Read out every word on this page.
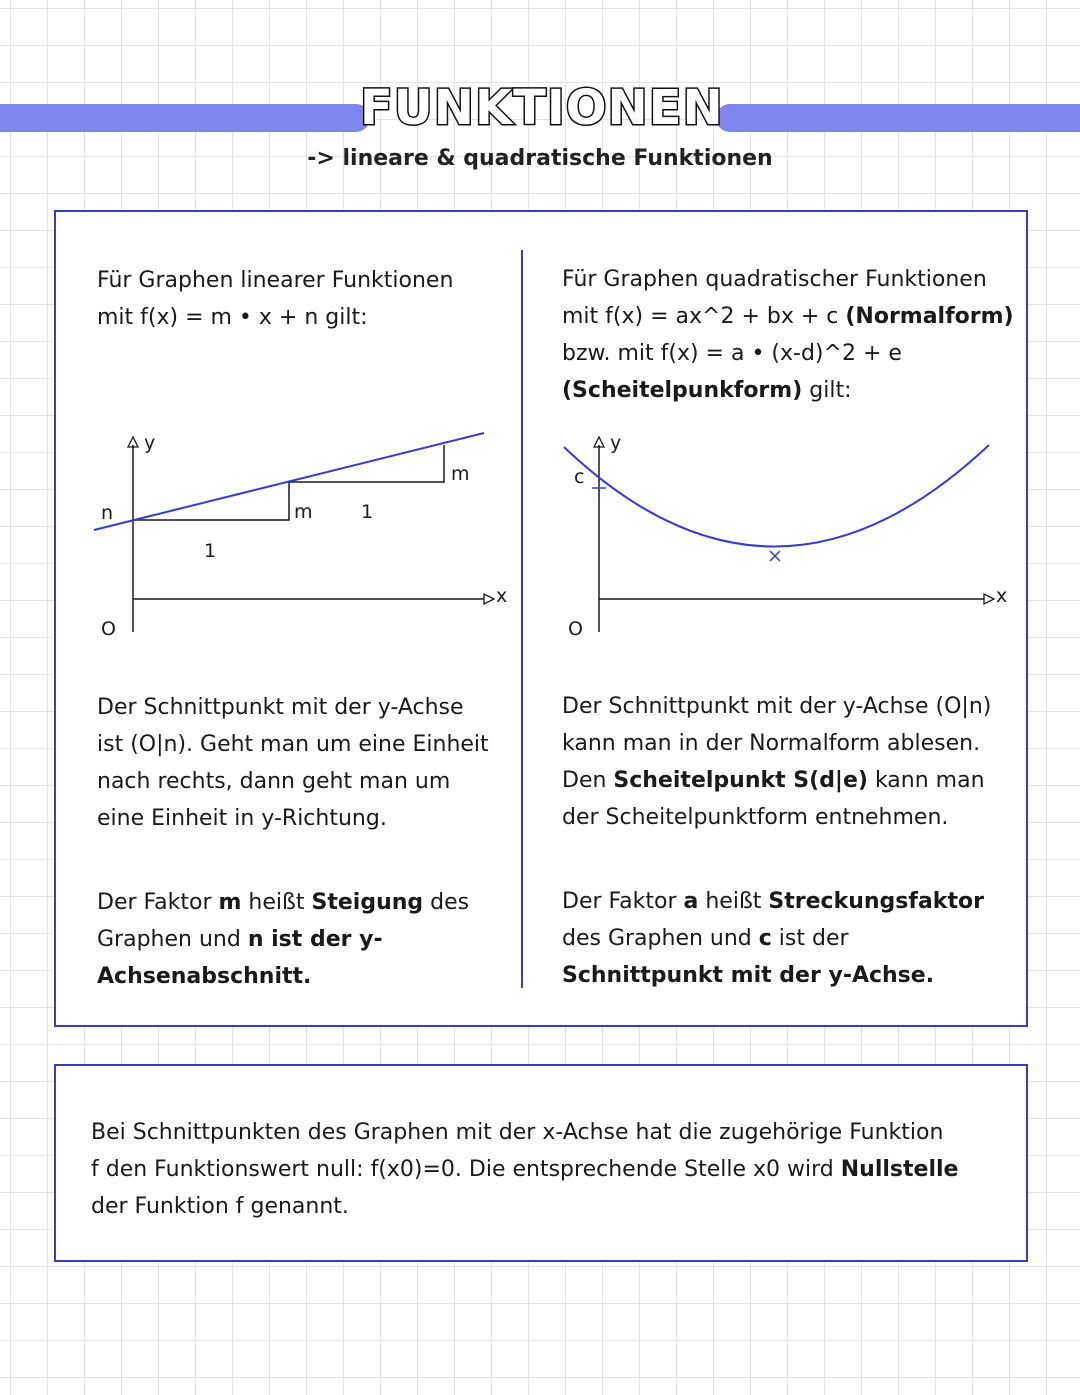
FUNKTIONEN
-> lineare & quadratische Funktionen
Für Graphen linearer Funktionen
mit f(x) = m • x + n gilt:
y
x
O
n
1
m	1
m
Der Schnittpunkt mit der y-Achse
ist (O|n). Geht man um eine Einheit
nach rechts, dann geht man um
eine Einheit in y-Richtung.
Der Faktor m heißt Steigung des
Graphen und n ist der y-
Achsenabschnitt.
Für Graphen quadratischer Funktionen
mit f(x) = ax^2 + bx + c (Normalform)
bzw. mit f(x) = a • (x-d)^2 + e
(Scheitelpunkform) gilt:
y
x
O
c
Der Schnittpunkt mit der y-Achse (O|n)
kann man in der Normalform ablesen.
Den Scheitelpunkt S(d|e) kann man
der Scheitelpunktform entnehmen.
Der Faktor a heißt Streckungsfaktor
des Graphen und c ist der
Schnittpunkt mit der y-Achse.
Bei Schnittpunkten des Graphen mit der x-Achse hat die zugehörige Funktion
f den Funktionswert null: f(x0)=0. Die entsprechende Stelle x0 wird Nullstelle
der Funktion f genannt.
